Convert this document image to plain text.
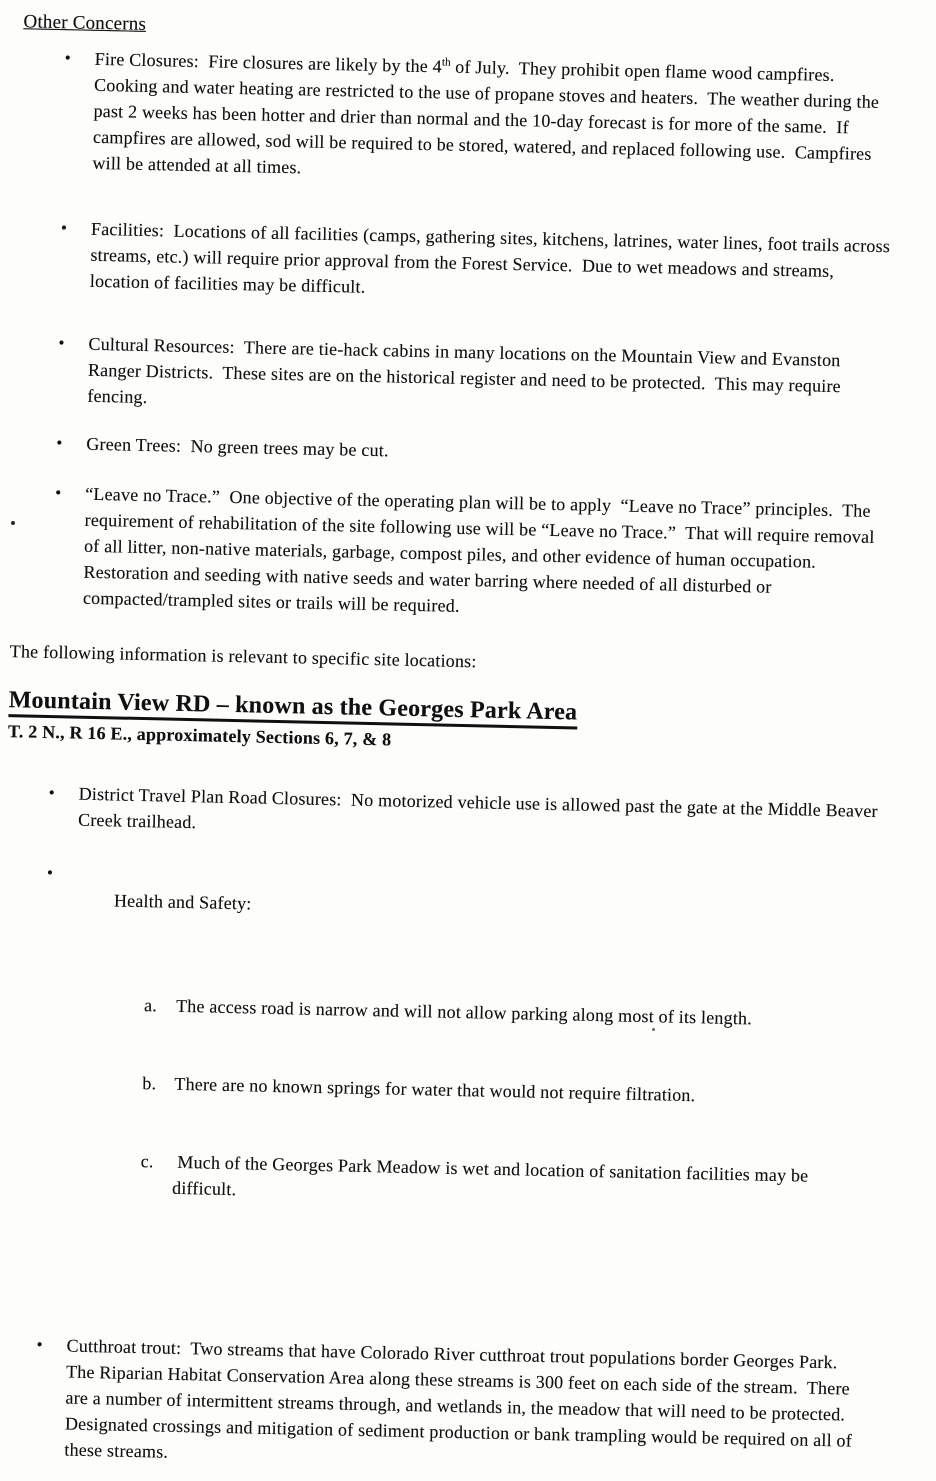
Other Concerns
•	Fire Closures:  Fire closures are likely by the 4th of July.  They prohibit open flame wood campfires.  Cooking and water heating are restricted to the use of propane stoves and heaters.  The weather during the past 2 weeks has been hotter and drier than normal and the 10-day forecast is for more of the same.  If campfires are allowed, sod will be required to be stored, watered, and replaced following use.  Campfires will be attended at all times.
•	Facilities:  Locations of all facilities (camps, gathering sites, kitchens, latrines, water lines, foot trails across streams, etc.) will require prior approval from the Forest Service.  Due to wet meadows and streams, location of facilities may be difficult.
•	Cultural Resources:  There are tie-hack cabins in many locations on the Mountain View and Evanston Ranger Districts.  These sites are on the historical register and need to be protected.  This may require fencing.
•	Green Trees:  No green trees may be cut.
•	“Leave no Trace.”  One objective of the operating plan will be to apply  “Leave no Trace” principles.  The requirement of rehabilitation of the site following use will be “Leave no Trace.”  That will require removal of all litter, non-native materials, garbage, compost piles, and other evidence of human occupation.   Restoration and seeding with native seeds and water barring where needed of all disturbed or compacted/trampled sites or trails will be required.

The following information is relevant to specific site locations:

Mountain View RD – known as the Georges Park Area
T. 2 N., R 16 E., approximately Sections 6, 7, & 8
•	District Travel Plan Road Closures:  No motorized vehicle use is allowed past the gate at the Middle Beaver Creek trailhead.
•

Health and Safety:

a.	The access road is narrow and will not allow parking along most of its length.

b. There are no known springs for water that would not require filtration.

c.	Much of the Georges Park Meadow is wet and location of sanitation facilities may be difficult.

•	Cutthroat trout:  Two streams that have Colorado River cutthroat trout populations border Georges Park.  The Riparian Habitat Conservation Area along these streams is 300 feet on each side of the stream.  There are a number of intermittent streams through, and wetlands in, the meadow that will need to be protected.  Designated crossings and mitigation of sediment production or bank trampling would be required on all of these streams.
